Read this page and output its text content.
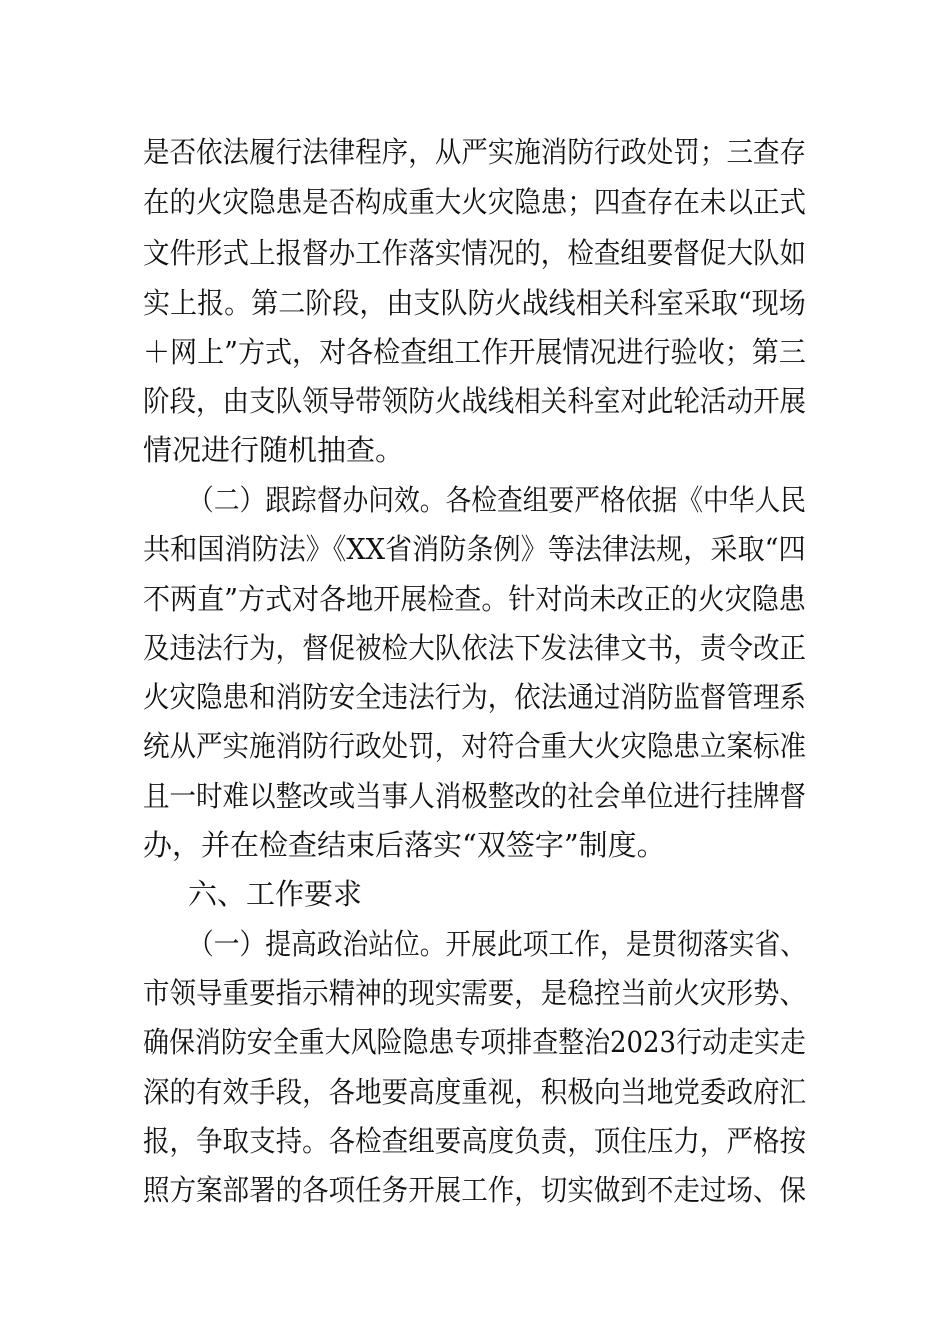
是否依法履行法律程序，从严实施消防行政处罚；三查存
在的火灾隐患是否构成重大火灾隐患；四查存在未以正式
文件形式上报督办工作落实情况的，检查组要督促大队如
实上报。第二阶段，由支队防火战线相关科室采取“现场
＋网上”方式，对各检查组工作开展情况进行验收；第三
阶段，由支队领导带领防火战线相关科室对此轮活动开展
情况进行随机抽查。
（二）跟踪督办问效。各检查组要严格依据《中华人民
共和国消防法》《XX省消防条例》等法律法规，采取“四
不两直”方式对各地开展检查。针对尚未改正的火灾隐患
及违法行为，督促被检大队依法下发法律文书，责令改正
火灾隐患和消防安全违法行为，依法通过消防监督管理系
统从严实施消防行政处罚，对符合重大火灾隐患立案标准
且一时难以整改或当事人消极整改的社会单位进行挂牌督
办，并在检查结束后落实“双签字”制度。
六、工作要求
（一）提高政治站位。开展此项工作，是贯彻落实省、
市领导重要指示精神的现实需要，是稳控当前火灾形势、
确保消防安全重大风险隐患专项排查整治2023行动走实走
深的有效手段，各地要高度重视，积极向当地党委政府汇
报，争取支持。各检查组要高度负责，顶住压力，严格按
照方案部署的各项任务开展工作，切实做到不走过场、保
